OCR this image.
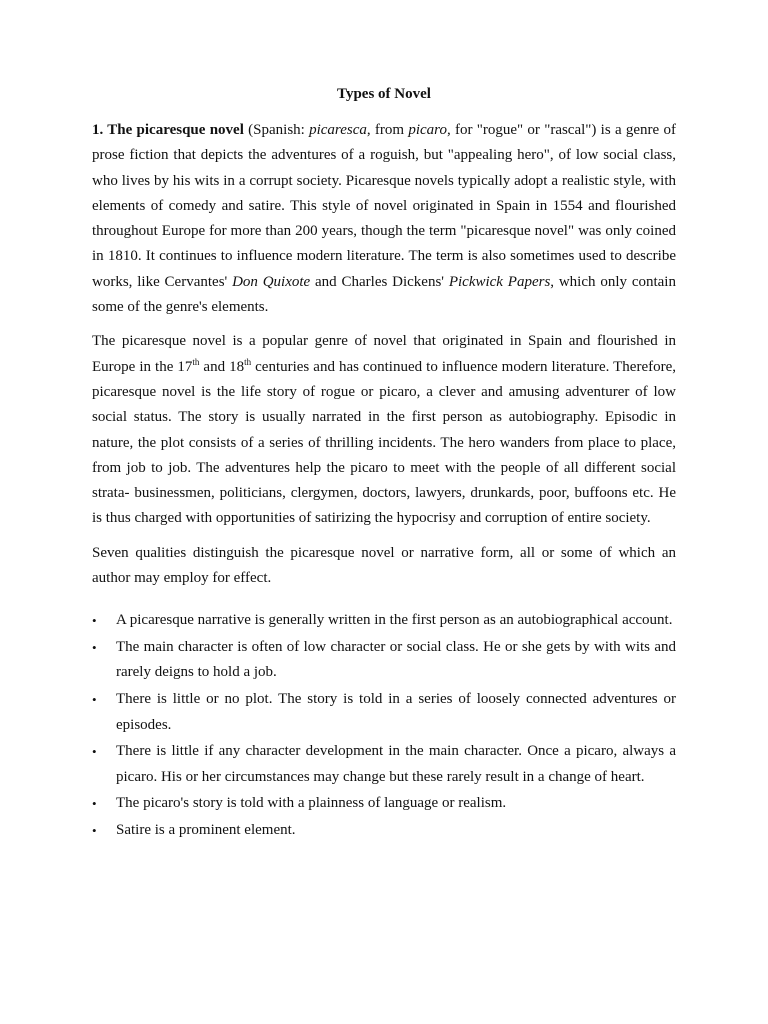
Types of Novel

1. The picaresque novel (Spanish: picaresca, from picaro, for "rogue" or "rascal") is a genre of prose fiction that depicts the adventures of a roguish, but "appealing hero", of low social class, who lives by his wits in a corrupt society. Picaresque novels typically adopt a realistic style, with elements of comedy and satire. This style of novel originated in Spain in 1554 and flourished throughout Europe for more than 200 years, though the term "picaresque novel" was only coined in 1810. It continues to influence modern literature. The term is also sometimes used to describe works, like Cervantes' Don Quixote and Charles Dickens' Pickwick Papers, which only contain some of the genre's elements.

The picaresque novel is a popular genre of novel that originated in Spain and flourished in Europe in the 17th and 18th centuries and has continued to influence modern literature. Therefore, picaresque novel is the life story of rogue or picaro, a clever and amusing adventurer of low social status. The story is usually narrated in the first person as autobiography. Episodic in nature, the plot consists of a series of thrilling incidents. The hero wanders from place to place, from job to job. The adventures help the picaro to meet with the people of all different social strata- businessmen, politicians, clergymen, doctors, lawyers, drunkards, poor, buffoons etc. He is thus charged with opportunities of satirizing the hypocrisy and corruption of entire society.

Seven qualities distinguish the picaresque novel or narrative form, all or some of which an author may employ for effect.

•	A picaresque narrative is generally written in the first person as an autobiographical account.
•	The main character is often of low character or social class. He or she gets by with wits and rarely deigns to hold a job.
•	There is little or no plot. The story is told in a series of loosely connected adventures or episodes.
•	There is little if any character development in the main character. Once a picaro, always a picaro. His or her circumstances may change but these rarely result in a change of heart.
•	The picaro's story is told with a plainness of language or realism.
•	Satire is a prominent element.
